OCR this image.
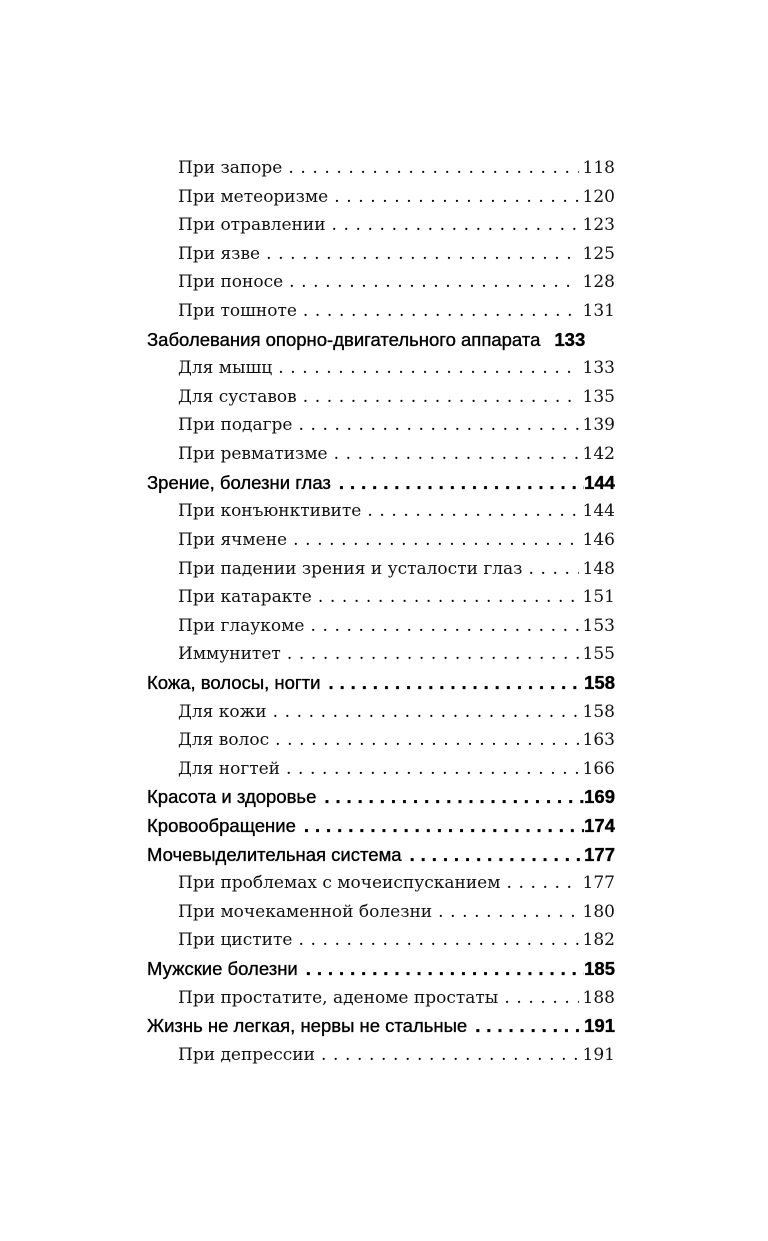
При запоре . . .	118
При метеоризме . . .	120
При отравлении . . .	123
При язве . . .	125
При поносе . . .	128
При тошноте . . .	131
Заболевания опорно-двигательного аппарата 133
Для мышц . . .	133
Для суставов . . .	135
При подагре . . .	139
При ревматизме . . .	142
Зрение, болезни глаз . . .	144
При конъюнктивите . . .	144
При ячмене . . .	146
При падении зрения и усталости глаз . . .	148
При катаракте . . .	151
При глаукоме . . .	153
Иммунитет . . .	155
Кожа, волосы, ногти . . .	158
Для кожи . . .	158
Для волос . . .	163
Для ногтей . . .	166
Красота и здоровье . . .	169
Кровообращение . . .	174
Мочевыделительная система . . .	177
При проблемах с мочеиспусканием . . .	177
При мочекаменной болезни . . .	180
При цистите . . .	182
Мужские болезни . . .	185
При простатите, аденоме простаты . . .	188
Жизнь не легкая, нервы не стальные . . .	191
При депрессии . . .	191
